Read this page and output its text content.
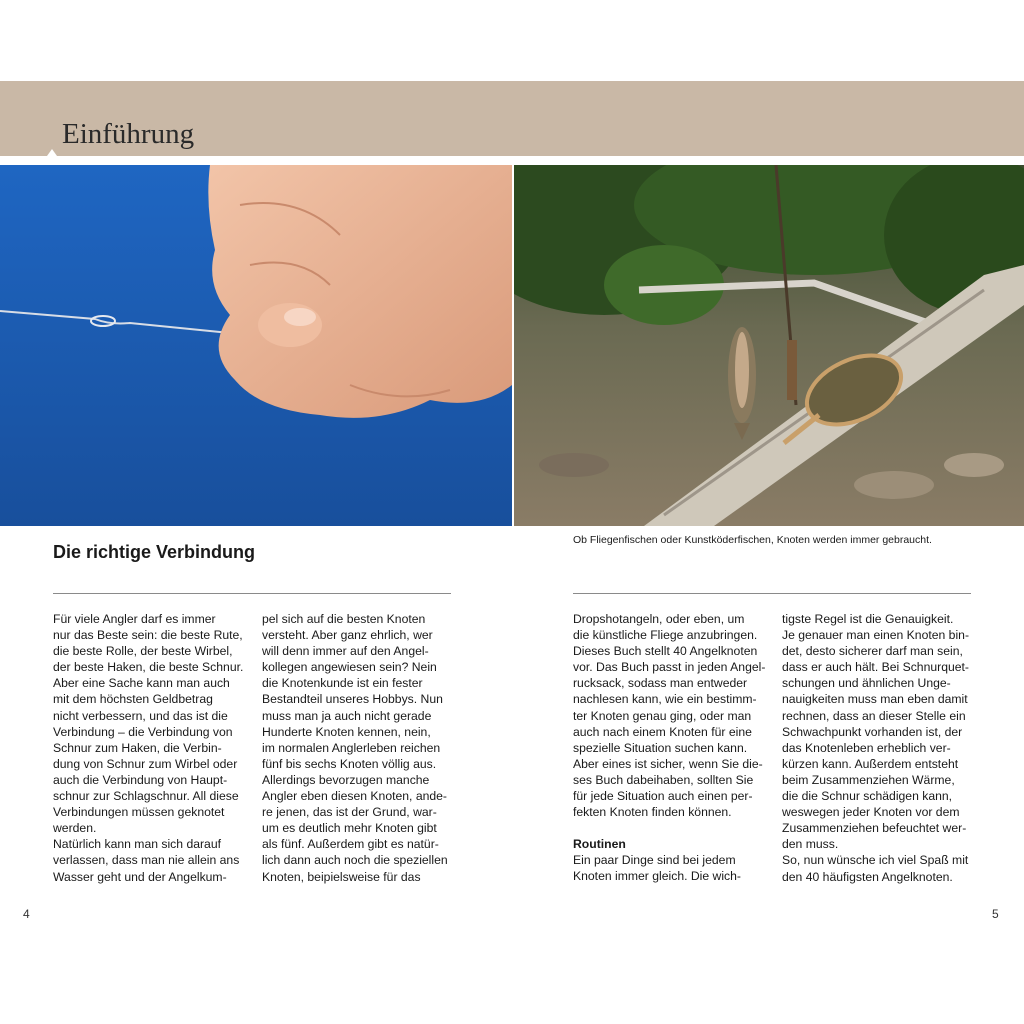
Einführung
Ob Fliegenfischen oder Kunstköderfischen, Knoten werden immer gebraucht.
Die richtige Verbindung

Für viele Angler darf es immer
nur das Beste sein: die beste Rute,
die beste Rolle, der beste Wirbel,
der beste Haken, die beste Schnur.
Aber eine Sache kann man auch
mit dem höchsten Geldbetrag
nicht verbessern, und das ist die
Verbindung – die Verbindung von
Schnur zum Haken, die Verbin-
dung von Schnur zum Wirbel oder
auch die Verbindung von Haupt-
schnur zur Schlagschnur. All diese
Verbindungen müssen geknotet
werden.
Natürlich kann man sich darauf
verlassen, dass man nie allein ans
Wasser geht und der Angelkum-

pel sich auf die besten Knoten
versteht. Aber ganz ehrlich, wer
will denn immer auf den Angel-
kollegen angewiesen sein? Nein
die Knotenkunde ist ein fester
Bestandteil unseres Hobbys. Nun
muss man ja auch nicht gerade
Hunderte Knoten kennen, nein,
im normalen Anglerleben reichen
fünf bis sechs Knoten völlig aus.
Allerdings bevorzugen manche
Angler eben diesen Knoten, ande-
re jenen, das ist der Grund, war-
um es deutlich mehr Knoten gibt
als fünf. Außerdem gibt es natür-
lich dann auch noch die speziellen
Knoten, beipielsweise für das

Dropshotangeln, oder eben, um
die künstliche Fliege anzubringen.
Dieses Buch stellt 40 Angelknoten
vor. Das Buch passt in jeden Angel-
rucksack, sodass man entweder
nachlesen kann, wie ein bestimm-
ter Knoten genau ging, oder man
auch nach einem Knoten für eine
spezielle Situation suchen kann.
Aber eines ist sicher, wenn Sie die-
ses Buch dabeihaben, sollten Sie
für jede Situation auch einen per-
fekten Knoten finden können.

Routinen

Ein paar Dinge sind bei jedem
Knoten immer gleich. Die wich-

tigste Regel ist die Genauigkeit.
Je genauer man einen Knoten bin-
det, desto sicherer darf man sein,
dass er auch hält. Bei Schnurquet-
schungen und ähnlichen Unge-
nauigkeiten muss man eben damit
rechnen, dass an dieser Stelle ein
Schwachpunkt vorhanden ist, der
das Knotenleben erheblich ver-
kürzen kann. Außerdem entsteht
beim Zusammenziehen Wärme,
die die Schnur schädigen kann,
weswegen jeder Knoten vor dem
Zusammenziehen befeuchtet wer-
den muss.
So, nun wünsche ich viel Spaß mit
den 40 häufigsten Angelknoten.

4	5
